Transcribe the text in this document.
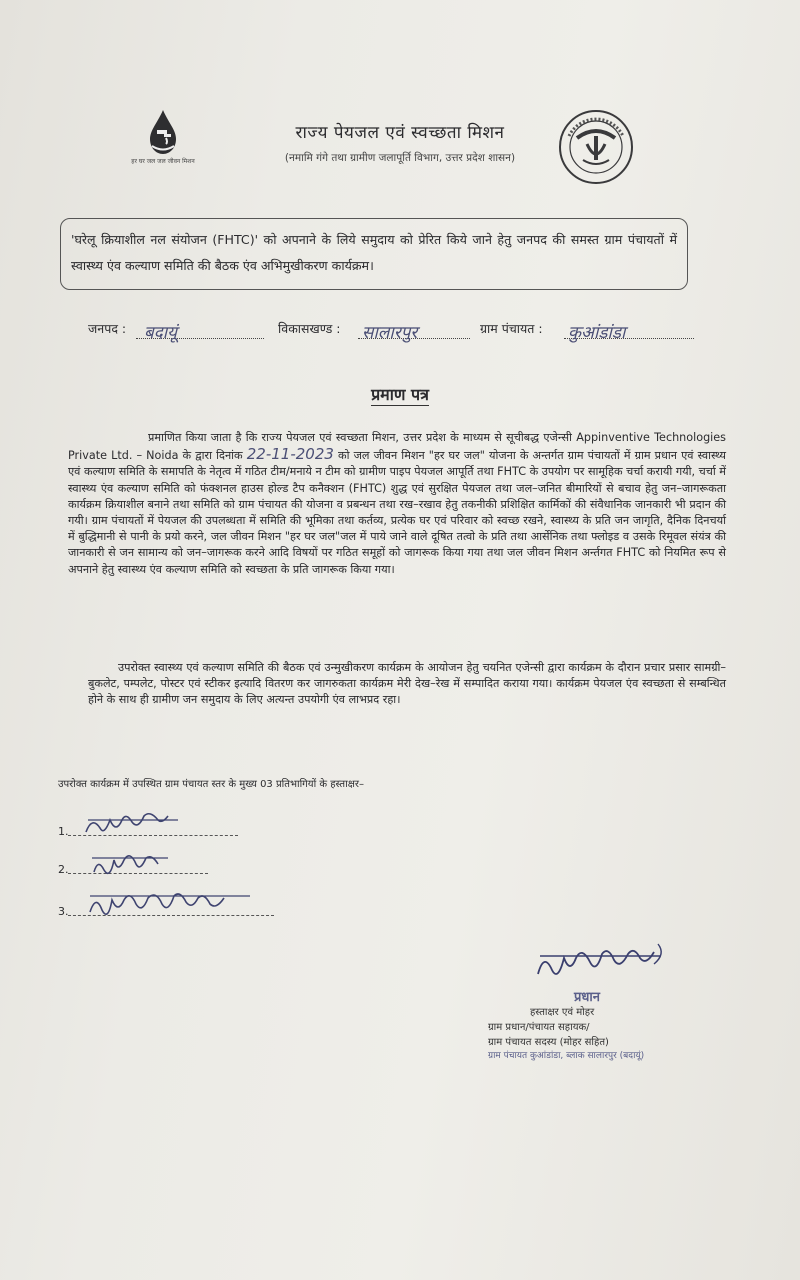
हर घर जल जल जीवन मिशन
राज्य पेयजल एवं स्वच्छता मिशन
(नमामि गंगे तथा ग्रामीण जलापूर्ति विभाग, उत्तर प्रदेश शासन)
'घरेलू क्रियाशील नल संयोजन (FHTC)' को अपनाने के लिये समुदाय को प्रेरित किये जाने हेतु जनपद की समस्त ग्राम पंचायतों में स्वास्थ्य एंव कल्याण समिति की बैठक एंव अभिमुखीकरण कार्यक्रम।
जनपद : बदायूं	विकासखण्ड : सालारपुर	ग्राम पंचायत : कुआंडांडा
प्रमाण पत्र
प्रमाणित किया जाता है कि राज्य पेयजल एवं स्वच्छता मिशन, उत्तर प्रदेश के माध्यम से सूचीबद्ध एजेन्सी Appinventive Technologies Private Ltd. – Noida के द्वारा दिनांक 22-11-2023 को जल जीवन मिशन "हर घर जल" योजना के अन्तर्गत ग्राम पंचायतों में ग्राम प्रधान एवं स्वास्थ्य एवं कल्याण समिति के समापति के नेतृत्व में गठित टीम/मनाये न टीम को ग्रामीण पाइप पेयजल आपूर्ति तथा FHTC के उपयोग पर सामूहिक चर्चा करायी गयी, चर्चा में स्वास्थ्य एंव कल्याण समिति को फंक्शनल हाउस होल्ड टैप कनैक्शन (FHTC) शुद्ध एवं सुरक्षित पेयजल तथा जल–जनित बीमारियों से बचाव हेतु जन–जागरूकता कार्यक्रम क्रियाशील बनाने तथा समिति को ग्राम पंचायत की योजना व प्रबन्धन तथा रख–रखाव हेतु तकनीकी प्रशिक्षित कार्मिकों की संवैधानिक जानकारी भी प्रदान की गयी। ग्राम पंचायतों में पेयजल की उपलब्धता में समिति की भूमिका तथा कर्तव्य, प्रत्येक घर एवं परिवार को स्वच्छ रखने, स्वास्थ्य के प्रति जन जागृति, दैनिक दिनचर्या में बुद्धिमानी से पानी के प्रयो करने, जल जीवन मिशन "हर घर जल"जल में पाये जाने वाले दूषित तत्वो के प्रति तथा आर्सेनिक तथा फ्लोइड व उसके रिमूवल संयंत्र की जानकारी से जन सामान्य को जन–जागरूक करने आदि विषयों पर गठित समूहों को जागरूक किया गया तथा जल जीवन मिशन अर्न्तगत FHTC को नियमित रूप से अपनाने हेतु स्वास्थ्य एंव कल्याण समिति को स्वच्छता के प्रति जागरूक किया गया।
उपरोक्त स्वास्थ्य एवं कल्याण समिति की बैठक एवं उन्मुखीकरण कार्यक्रम के आयोजन हेतु चयनित एजेन्सी द्वारा कार्यक्रम के दौरान प्रचार प्रसार सामग्री–बुकलेट, पम्पलेट, पोस्टर एवं स्टीकर इत्यादि वितरण कर जागरुकता कार्यक्रम मेरी देख–रेख में सम्पादित कराया गया। कार्यक्रम पेयजल एंव स्वच्छता से सम्बन्धित होने के साथ ही ग्रामीण जन समुदाय के लिए अत्यन्त उपयोगी एंव लाभप्रद रहा।
उपरोक्त कार्यक्रम में उपस्थित ग्राम पंचायत स्तर के मुख्य 03 प्रतिभागियों के हस्ताक्षर–
1.
2.
3.
प्रधान
हस्ताक्षर एवं मोहर
ग्राम प्रधान/पंचायत सहायक/
ग्राम पंचायत सदस्य (मोहर सहित)
ग्राम पंचायत कुआंडांडा, ब्लाक सालारपुर (बदायूं)
